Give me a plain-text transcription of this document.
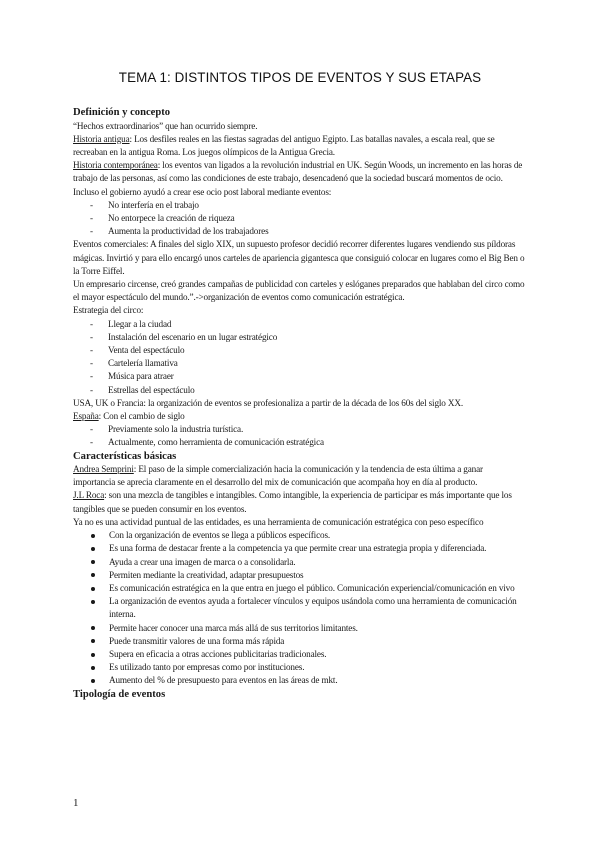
TEMA 1: DISTINTOS TIPOS DE EVENTOS Y SUS ETAPAS

Definición y concepto

“Hechos extraordinarios” que han ocurrido siempre.

Historia antigua: Los desfiles reales en las fiestas sagradas del antiguo Egipto. Las batallas navales, a escala real, que se recreaban en la antigua Roma. Los juegos olímpicos de la Antigua Grecia.

Historia contemporánea: los eventos van ligados a la revolución industrial en UK. Según Woods, un incremento en las horas de trabajo de las personas, así como las condiciones de este trabajo, desencadenó que la sociedad buscará momentos de ocio.

Incluso el gobierno ayudó a crear ese ocio post laboral mediante eventos:

- No interfería en el trabajo
- No entorpece la creación de riqueza
- Aumenta la productividad de los trabajadores

Eventos comerciales: A finales del siglo XIX, un supuesto profesor decidió recorrer diferentes lugares vendiendo sus píldoras mágicas. Invirtió y para ello encargó unos carteles de apariencia gigantesca que consiguió colocar en lugares como el Big Ben o la Torre Eiffel.

Un empresario circense, creó grandes campañas de publicidad con carteles y eslóganes preparados que hablaban del circo como el mayor espectáculo del mundo.”.->organización de eventos como comunicación estratégica.

Estrategia del circo:

- Llegar a la ciudad
- Instalación del escenario en un lugar estratégico
- Venta del espectáculo
- Cartelería llamativa
- Música para atraer
- Estrellas del espectáculo

USA, UK o Francia: la organización de eventos se profesionaliza a partir de la década de los 60s del siglo XX.

España: Con el cambio de siglo

- Previamente solo la industria turística.
- Actualmente, como herramienta de comunicación estratégica

Características básicas

Andrea Semprini: El paso de la simple comercialización hacia la comunicación y la tendencia de esta última a ganar importancia se aprecia claramente en el desarrollo del mix de comunicación que acompaña hoy en día al producto.

J.L Roca: son una mezcla de tangibles e intangibles. Como intangible, la experiencia de participar es más importante que los tangibles que se pueden consumir en los eventos.

Ya no es una actividad puntual de las entidades, es una herramienta de comunicación estratégica con peso específico

Con la organización de eventos se llega a públicos específicos.
Es una forma de destacar frente a la competencia ya que permite crear una estrategia propia y diferenciada.
Ayuda a crear una imagen de marca o a consolidarla.
Permiten mediante la creatividad, adaptar presupuestos
Es comunicación estratégica en la que entra en juego el público. Comunicación experiencial/comunicación en vivo
La organización de eventos ayuda a fortalecer vínculos y equipos usándola como una herramienta de comunicación interna.
Permite hacer conocer una marca más allá de sus territorios limitantes.
Puede transmitir valores de una forma más rápida
Supera en eficacia a otras acciones publicitarias tradicionales.
Es utilizado tanto por empresas como por instituciones.
Aumento del % de presupuesto para eventos en las áreas de mkt.

Tipología de eventos

1
